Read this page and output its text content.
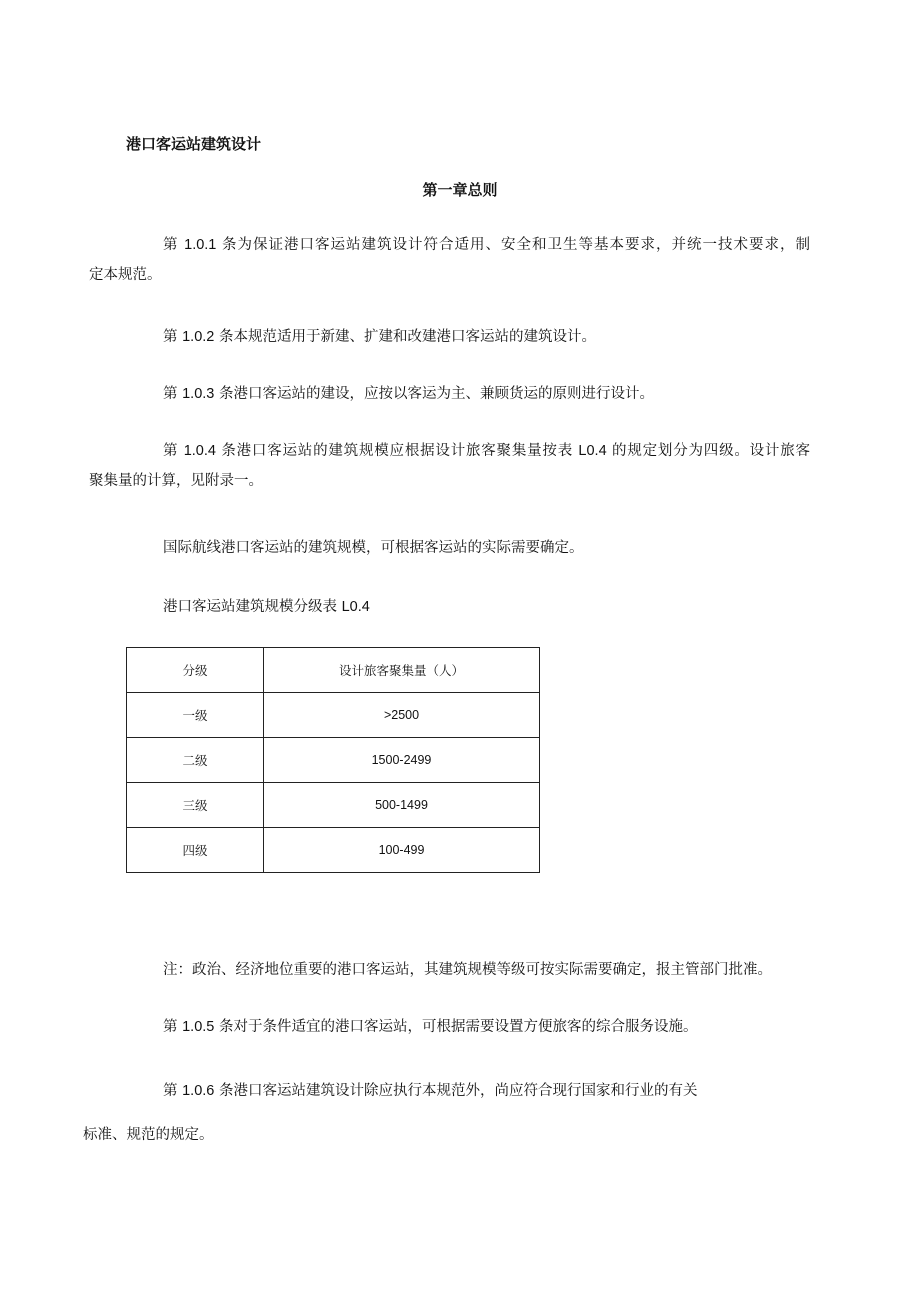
港口客运站建筑设计
第一章总则

第 1.0.1 条为保证港口客运站建筑设计符合适用、安全和卫生等基本要求，并统一技术要求，制
定本规范。

第 1.0.2 条本规范适用于新建、扩建和改建港口客运站的建筑设计。

第 1.0.3 条港口客运站的建设，应按以客运为主、兼顾货运的原则进行设计。

第 1.0.4 条港口客运站的建筑规模应根据设计旅客聚集量按表 L0.4 的规定划分为四级。设计旅客
聚集量的计算，见附录一。

国际航线港口客运站的建筑规模，可根据客运站的实际需要确定。

港口客运站建筑规模分级表 L0.4

分级	设计旅客聚集量（人）
一级	>2500
二级	1500-2499
三级	500-1499
四级	100-499

注：政治、经济地位重要的港口客运站，其建筑规模等级可按实际需要确定，报主管部门批准。

第 1.0.5 条对于条件适宜的港口客运站，可根据需要设置方便旅客的综合服务设施。

第 1.0.6 条港口客运站建筑设计除应执行本规范外，尚应符合现行国家和行业的有关
标准、规范的规定。
